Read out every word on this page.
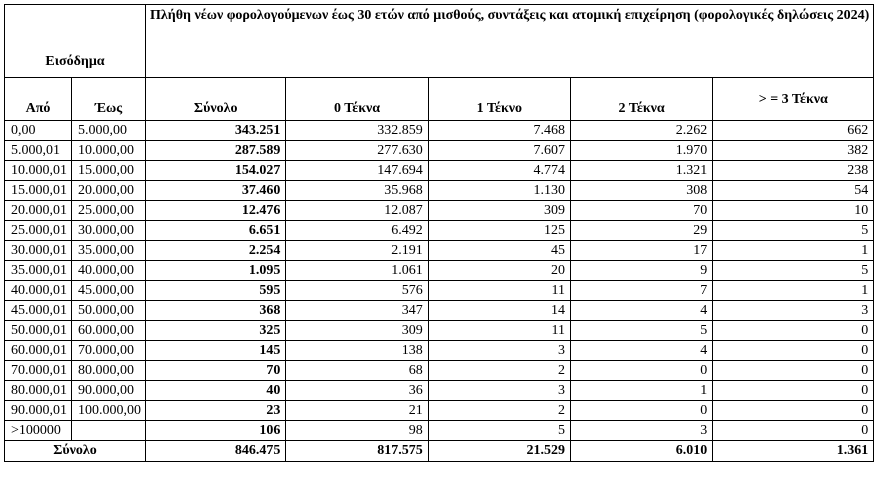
Εισόδημα		Πλήθη νέων φορολογούμενων έως 30 ετών από μισθούς, συντάξεις και ατομική επιχείρηση (φορολογικές δηλώσεις 2024)				
Από	Έως	Σύνολο	0 Τέκνα	1 Τέκνο	2 Τέκνα	> = 3 Τέκνα
0,00	5.000,00	343.251	332.859	7.468	2.262	662
5.000,01	10.000,00	287.589	277.630	7.607	1.970	382
10.000,01	15.000,00	154.027	147.694	4.774	1.321	238
15.000,01	20.000,00	37.460	35.968	1.130	308	54
20.000,01	25.000,00	12.476	12.087	309	70	10
25.000,01	30.000,00	6.651	6.492	125	29	5
30.000,01	35.000,00	2.254	2.191	45	17	1
35.000,01	40.000,00	1.095	1.061	20	9	5
40.000,01	45.000,00	595	576	11	7	1
45.000,01	50.000,00	368	347	14	4	3
50.000,01	60.000,00	325	309	11	5	0
60.000,01	70.000,00	145	138	3	4	0
70.000,01	80.000,00	70	68	2	0	0
80.000,01	90.000,00	40	36	3	1	0
90.000,01	100.000,00	23	21	2	0	0
>100000		106	98	5	3	0
Σύνολο		846.475	817.575	21.529	6.010	1.361
